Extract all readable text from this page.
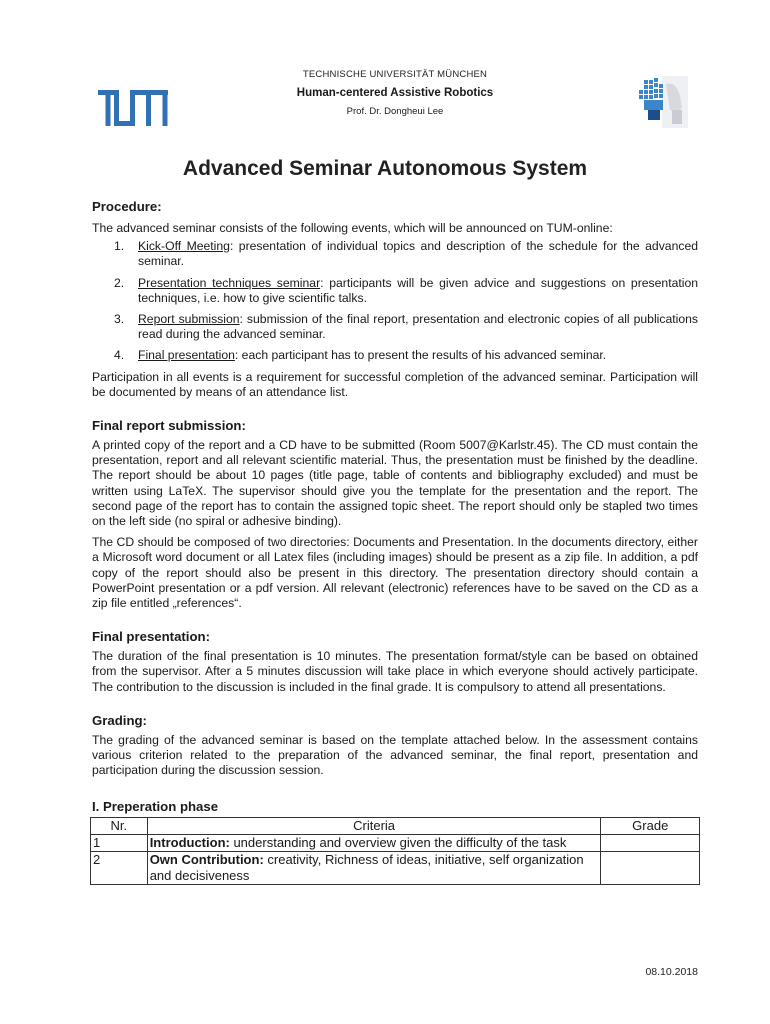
TECHNISCHE UNIVERSITÄT MÜNCHEN
Human-centered Assistive Robotics
Prof. Dr. Dongheui Lee
Advanced Seminar Autonomous System
Procedure:

The advanced seminar consists of the following events, which will be announced on TUM-online:

1. Kick-Off Meeting: presentation of individual topics and description of the schedule for the advanced seminar.
2. Presentation techniques seminar: participants will be given advice and suggestions on presentation techniques, i.e. how to give scientific talks.
3. Report submission: submission of the final report, presentation and electronic copies of all publications read during the advanced seminar.
4. Final presentation: each participant has to present the results of his advanced seminar.

Participation in all events is a requirement for successful completion of the advanced seminar. Participation will be documented by means of an attendance list.

Final report submission:

A printed copy of the report and a CD have to be submitted (Room 5007@Karlstr.45). The CD must contain the presentation, report and all relevant scientific material. Thus, the presentation must be finished by the deadline. The report should be about 10 pages (title page, table of contents and bibliography excluded) and must be written using LaTeX. The supervisor should give you the template for the presentation and the report. The second page of the report has to contain the assigned topic sheet. The report should only be stapled two times on the left side (no spiral or adhesive binding).

The CD should be composed of two directories: Documents and Presentation. In the documents directory, either a Microsoft word document or all Latex files (including images) should be present as a zip file. In addition, a pdf copy of the report should also be present in this directory. The presentation directory should contain a PowerPoint presentation or a pdf version. All relevant (electronic) references have to be saved on the CD as a zip file entitled „references“.

Final presentation:

The duration of the final presentation is 10 minutes. The presentation format/style can be based on obtained from the supervisor. After a 5 minutes discussion will take place in which everyone should actively participate. The contribution to the discussion is included in the final grade. It is compulsory to attend all presentations.

Grading:

The grading of the advanced seminar is based on the template attached below. In the assessment contains various criterion related to the preparation of the advanced seminar, the final report, presentation and participation during the discussion session.

I. Preperation phase
Nr.	Criteria	Grade
1	Introduction: understanding and overview given the difficulty of the task	
2	Own Contribution: creativity, Richness of ideas, initiative, self organization and decisiveness	
08.10.2018
